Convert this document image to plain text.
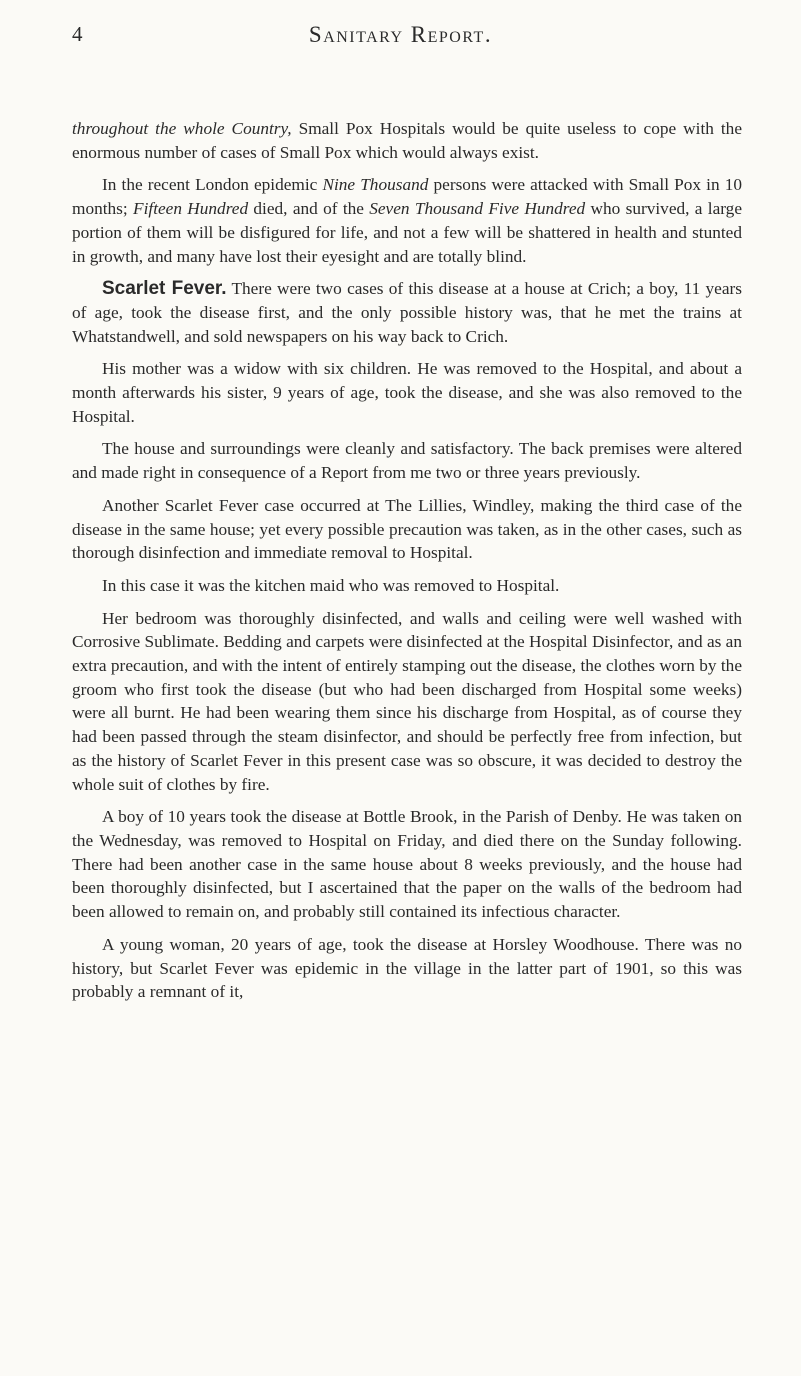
4	Sanitary Report.

throughout the whole Country, Small Pox Hospitals would be quite useless to cope with the enormous number of cases of Small Pox which would always exist.

In the recent London epidemic Nine Thousand persons were attacked with Small Pox in 10 months; Fifteen Hundred died, and of the Seven Thousand Five Hundred who survived, a large portion of them will be disfigured for life, and not a few will be shattered in health and stunted in growth, and many have lost their eyesight and are totally blind.

Scarlet Fever. There were two cases of this disease at a house at Crich; a boy, 11 years of age, took the disease first, and the only possible history was, that he met the trains at Whatstandwell, and sold newspapers on his way back to Crich.

His mother was a widow with six children. He was removed to the Hospital, and about a month afterwards his sister, 9 years of age, took the disease, and she was also removed to the Hospital.

The house and surroundings were cleanly and satisfactory. The back premises were altered and made right in consequence of a Report from me two or three years previously.

Another Scarlet Fever case occurred at The Lillies, Windley, making the third case of the disease in the same house; yet every possible precaution was taken, as in the other cases, such as thorough disinfection and immediate removal to Hospital.

In this case it was the kitchen maid who was removed to Hospital.

Her bedroom was thoroughly disinfected, and walls and ceiling were well washed with Corrosive Sublimate. Bedding and carpets were disinfected at the Hospital Disinfector, and as an extra precaution, and with the intent of entirely stamping out the disease, the clothes worn by the groom who first took the disease (but who had been discharged from Hospital some weeks) were all burnt. He had been wearing them since his discharge from Hospital, as of course they had been passed through the steam disinfector, and should be perfectly free from infection, but as the history of Scarlet Fever in this present case was so obscure, it was decided to destroy the whole suit of clothes by fire.

A boy of 10 years took the disease at Bottle Brook, in the Parish of Denby. He was taken on the Wednesday, was removed to Hospital on Friday, and died there on the Sunday following. There had been another case in the same house about 8 weeks previously, and the house had been thoroughly disinfected, but I ascertained that the paper on the walls of the bedroom had been allowed to remain on, and probably still contained its infectious character.

A young woman, 20 years of age, took the disease at Horsley Woodhouse. There was no history, but Scarlet Fever was epidemic in the village in the latter part of 1901, so this was probably a remnant of it,
